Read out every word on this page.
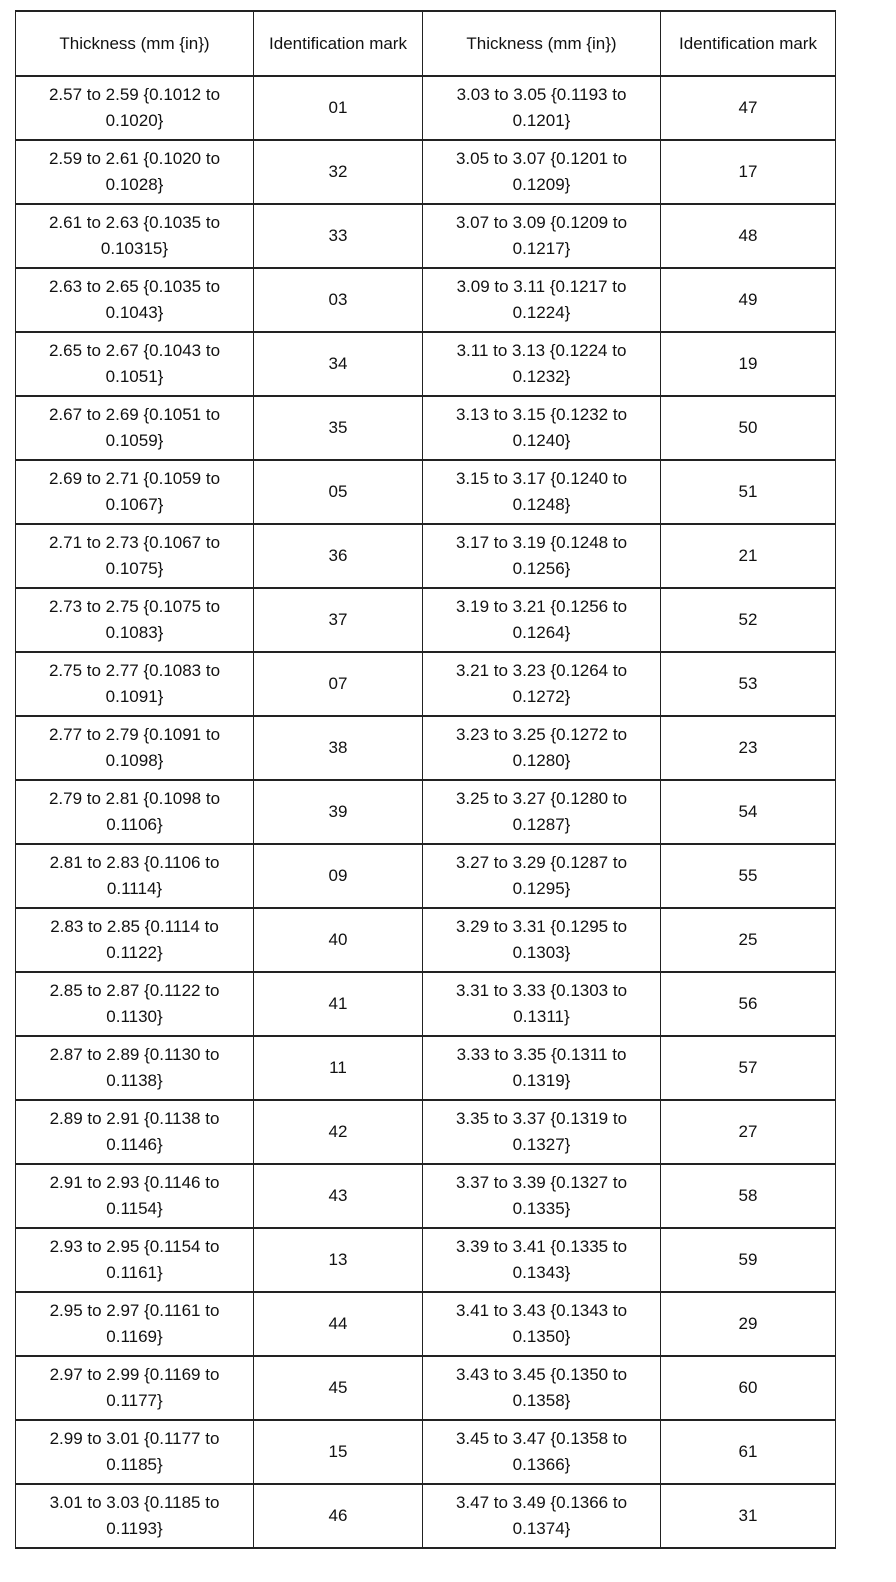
Thickness (mm {in})	Identification mark	Thickness (mm {in})	Identification mark
2.57 to 2.59 {0.1012 to 0.1020}	01	3.03 to 3.05 {0.1193 to 0.1201}	47
2.59 to 2.61 {0.1020 to 0.1028}	32	3.05 to 3.07 {0.1201 to 0.1209}	17
2.61 to 2.63 {0.1035 to 0.10315}	33	3.07 to 3.09 {0.1209 to 0.1217}	48
2.63 to 2.65 {0.1035 to 0.1043}	03	3.09 to 3.11 {0.1217 to 0.1224}	49
2.65 to 2.67 {0.1043 to 0.1051}	34	3.11 to 3.13 {0.1224 to 0.1232}	19
2.67 to 2.69 {0.1051 to 0.1059}	35	3.13 to 3.15 {0.1232 to 0.1240}	50
2.69 to 2.71 {0.1059 to 0.1067}	05	3.15 to 3.17 {0.1240 to 0.1248}	51
2.71 to 2.73 {0.1067 to 0.1075}	36	3.17 to 3.19 {0.1248 to 0.1256}	21
2.73 to 2.75 {0.1075 to 0.1083}	37	3.19 to 3.21 {0.1256 to 0.1264}	52
2.75 to 2.77 {0.1083 to 0.1091}	07	3.21 to 3.23 {0.1264 to 0.1272}	53
2.77 to 2.79 {0.1091 to 0.1098}	38	3.23 to 3.25 {0.1272 to 0.1280}	23
2.79 to 2.81 {0.1098 to 0.1106}	39	3.25 to 3.27 {0.1280 to 0.1287}	54
2.81 to 2.83 {0.1106 to 0.1114}	09	3.27 to 3.29 {0.1287 to 0.1295}	55
2.83 to 2.85 {0.1114 to 0.1122}	40	3.29 to 3.31 {0.1295 to 0.1303}	25
2.85 to 2.87 {0.1122 to 0.1130}	41	3.31 to 3.33 {0.1303 to 0.1311}	56
2.87 to 2.89 {0.1130 to 0.1138}	11	3.33 to 3.35 {0.1311 to 0.1319}	57
2.89 to 2.91 {0.1138 to 0.1146}	42	3.35 to 3.37 {0.1319 to 0.1327}	27
2.91 to 2.93 {0.1146 to 0.1154}	43	3.37 to 3.39 {0.1327 to 0.1335}	58
2.93 to 2.95 {0.1154 to 0.1161}	13	3.39 to 3.41 {0.1335 to 0.1343}	59
2.95 to 2.97 {0.1161 to 0.1169}	44	3.41 to 3.43 {0.1343 to 0.1350}	29
2.97 to 2.99 {0.1169 to 0.1177}	45	3.43 to 3.45 {0.1350 to 0.1358}	60
2.99 to 3.01 {0.1177 to 0.1185}	15	3.45 to 3.47 {0.1358 to 0.1366}	61
3.01 to 3.03 {0.1185 to 0.1193}	46	3.47 to 3.49 {0.1366 to 0.1374}	31
